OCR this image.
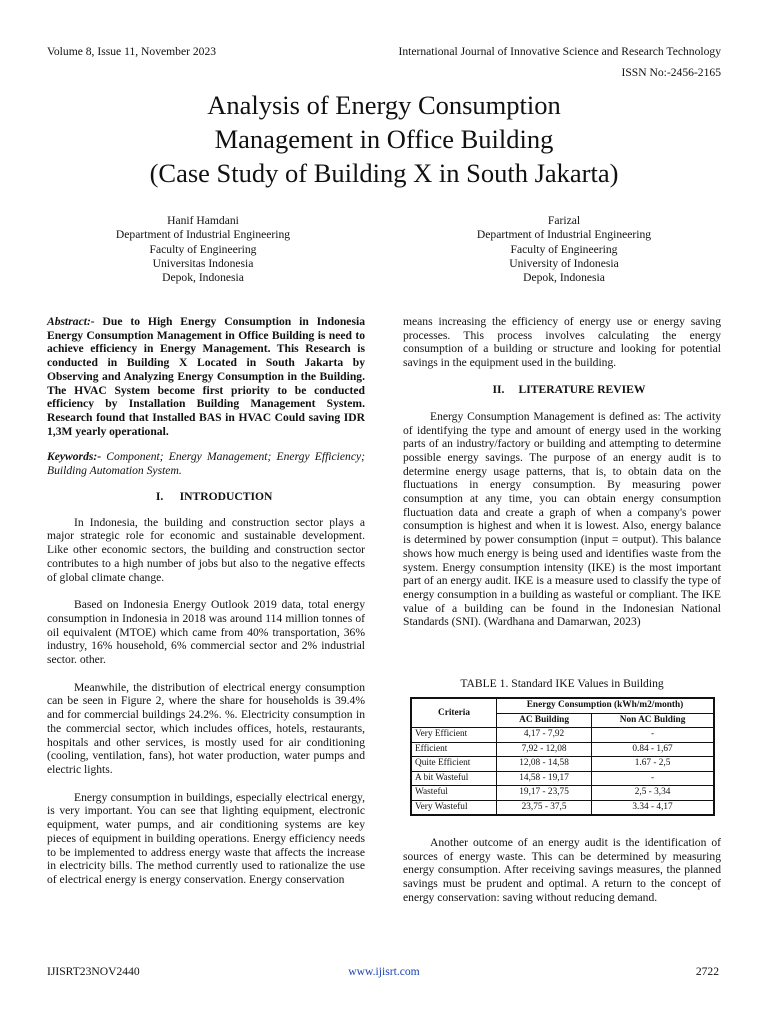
Volume 8, Issue 11, November 2023	International Journal of Innovative Science and Research Technology
ISSN No:-2456-2165
Analysis of Energy Consumption
Management in Office Building
(Case Study of Building X in South Jakarta)
Hanif Hamdani
Department of Industrial Engineering
Faculty of Engineering
Universitas Indonesia
Depok, Indonesia
Farizal
Department of Industrial Engineering
Faculty of Engineering
University of Indonesia
Depok, Indonesia

Abstract:- Due to High Energy Consumption in Indonesia Energy Consumption Management in Office Building is need to achieve efficiency in Energy Management. This Research is conducted in Building X Located in South Jakarta by Observing and Analyzing Energy Consumption in the Building. The HVAC System become first priority to be conducted efficiency by Installation Building Management System. Research found that Installed BAS in HVAC Could saving IDR 1,3M yearly operational.

Keywords:- Component; Energy Management; Energy Efficiency; Building Automation System.

I. INTRODUCTION

In Indonesia, the building and construction sector plays a major strategic role for economic and sustainable development. Like other economic sectors, the building and construction sector contributes to a high number of jobs but also to the negative effects of global climate change.

Based on Indonesia Energy Outlook 2019 data, total energy consumption in Indonesia in 2018 was around 114 million tonnes of oil equivalent (MTOE) which came from 40% transportation, 36% industry, 16% household, 6% commercial sector and 2% industrial sector. other.

Meanwhile, the distribution of electrical energy consumption can be seen in Figure 2, where the share for households is 39.4% and for commercial buildings 24.2%. %. Electricity consumption in the commercial sector, which includes offices, hotels, restaurants, hospitals and other services, is mostly used for air conditioning (cooling, ventilation, fans), hot water production, water pumps and electric lights.

Energy consumption in buildings, especially electrical energy, is very important. You can see that lighting equipment, electronic equipment, water pumps, and air conditioning systems are key pieces of equipment in building operations. Energy efficiency needs to be implemented to address energy waste that affects the increase in electricity bills. The method currently used to rationalize the use of electrical energy is energy conservation. Energy conservation

means increasing the efficiency of energy use or energy saving processes. This process involves calculating the energy consumption of a building or structure and looking for potential savings in the equipment used in the building.

II. LITERATURE REVIEW

Energy Consumption Management is defined as: The activity of identifying the type and amount of energy used in the working parts of an industry/factory or building and attempting to determine possible energy savings. The purpose of an energy audit is to determine energy usage patterns, that is, to obtain data on the fluctuations in energy consumption. By measuring power consumption at any time, you can obtain energy consumption fluctuation data and create a graph of when a company's power consumption is highest and when it is lowest. Also, energy balance is determined by power consumption (input = output). This balance shows how much energy is being used and identifies waste from the system. Energy consumption intensity (IKE) is the most important part of an energy audit. IKE is a measure used to classify the type of energy consumption in a building as wasteful or compliant. The IKE value of a building can be found in the Indonesian National Standards (SNI). (Wardhana and Damarwan, 2023)

TABLE 1. Standard IKE Values in Building
Criteria	Energy Consumption (kWh/m2/month)	
	AC Building	Non AC Bulding
Very Efficient	4,17 - 7,92	-
Efficient	7,92 - 12,08	0.84 - 1,67
Quite Efficient	12,08 - 14,58	1.67 - 2,5
A bit Wasteful	14,58 - 19,17	-
Wasteful	19,17 - 23,75	2,5 - 3,34
Very Wasteful	23,75 - 37,5	3.34 - 4,17

Another outcome of an energy audit is the identification of sources of energy waste. This can be determined by measuring energy consumption. After receiving savings measures, the planned savings must be prudent and optimal. A return to the concept of energy conservation: saving without reducing demand.

IJISRT23NOV2440	www.ijisrt.com	2722
